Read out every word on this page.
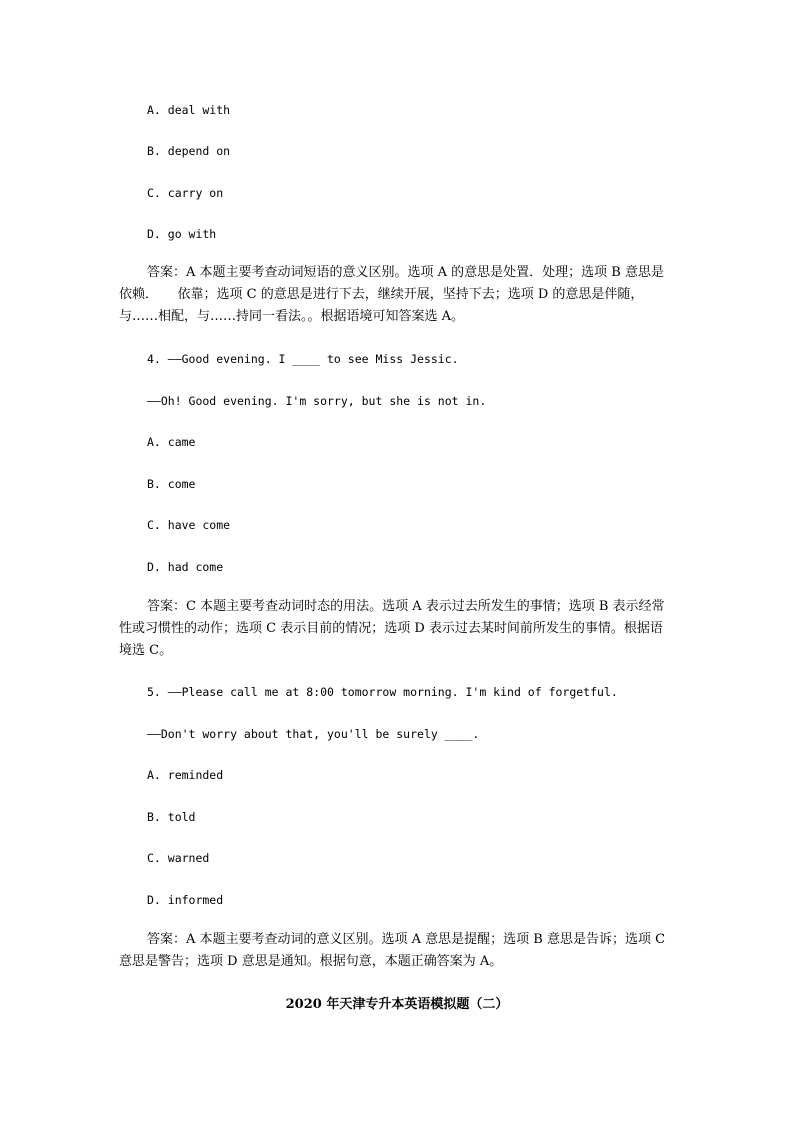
A. deal with
B. depend on
C. carry on
D. go with
答案：A 本题主要考查动词短语的意义区别。选项 A 的意思是处置．处理；选项 B 意思是依赖．　　依靠；选项 C 的意思是进行下去，继续开展，坚持下去；选项 D 的意思是伴随，与……相配，与……持同一看法。。根据语境可知答案选 A。
4. ——Good evening. I ____ to see Miss Jessic.
——Oh! Good evening. I'm sorry, but she is not in.
A. came
B. come
C. have come
D. had come
答案：C 本题主要考查动词时态的用法。选项 A 表示过去所发生的事情；选项 B 表示经常性或习惯性的动作；选项 C 表示目前的情况；选项 D 表示过去某时间前所发生的事情。根据语境选 C。
5. ——Please call me at 8:00 tomorrow morning. I'm kind of forgetful.
——Don't worry about that, you'll be surely ____.
A. reminded
B. told
C. warned
D. informed
答案：A 本题主要考查动词的意义区别。选项 A 意思是提醒；选项 B 意思是告诉；选项 C 意思是警告；选项 D 意思是通知。根据句意，本题正确答案为 A。
2020 年天津专升本英语模拟题（二）
